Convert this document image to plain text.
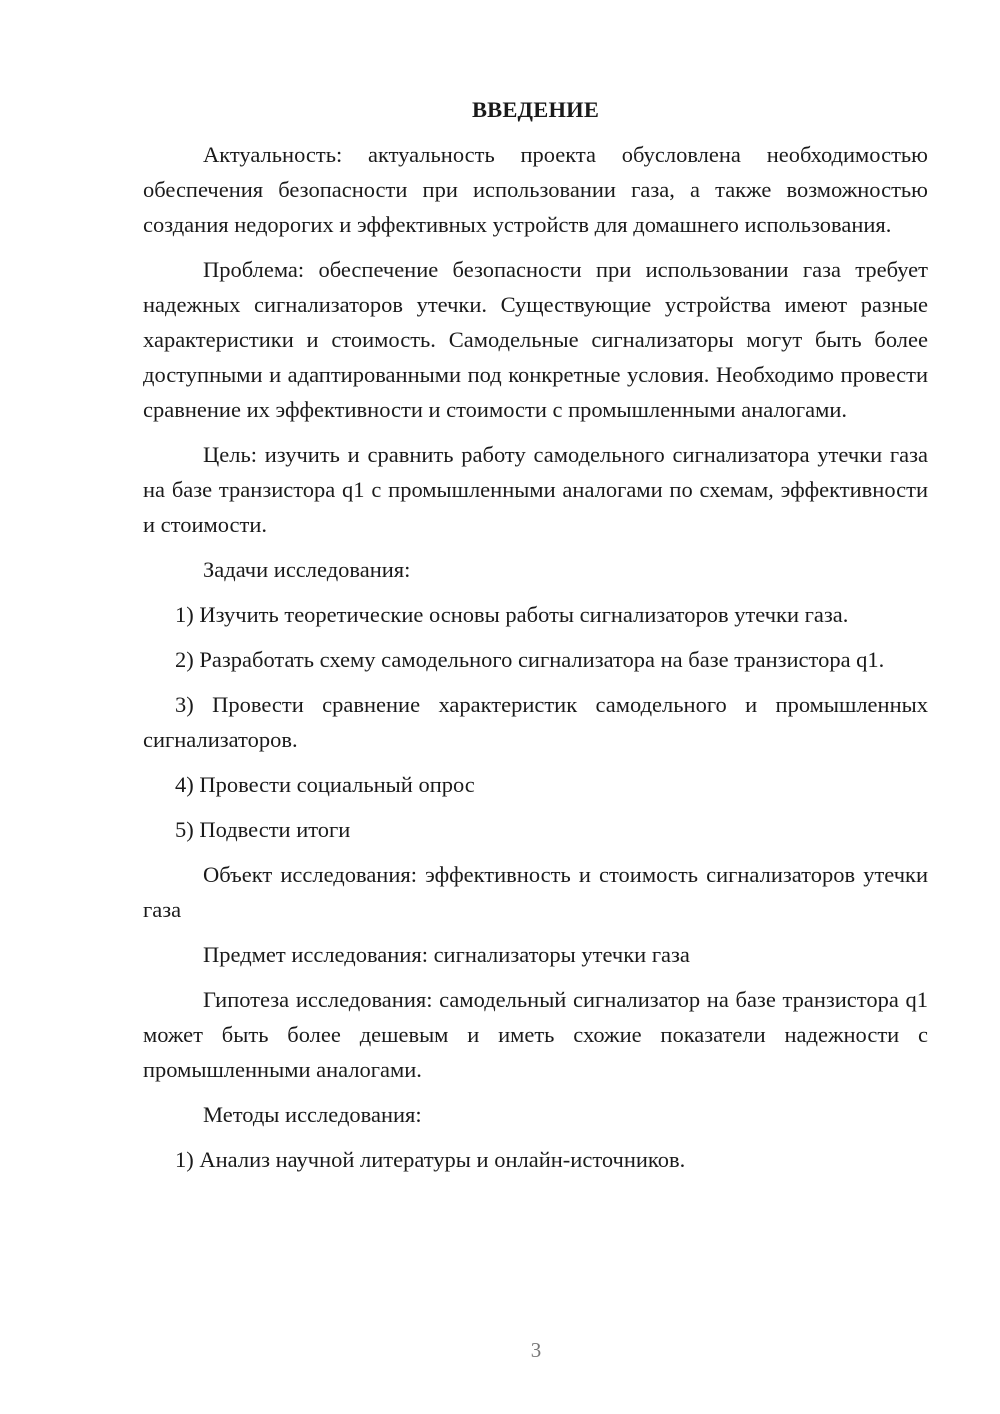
ВВЕДЕНИЕ

Актуальность: актуальность проекта обусловлена необходимостью обеспечения безопасности при использовании газа, а также возможностью создания недорогих и эффективных устройств для домашнего использования.

Проблема: обеспечение безопасности при использовании газа требует надежных сигнализаторов утечки. Существующие устройства имеют разные характеристики и стоимость. Самодельные сигнализаторы могут быть более доступными и адаптированными под конкретные условия. Необходимо провести сравнение их эффективности и стоимости с промышленными аналогами.

Цель: изучить и сравнить работу самодельного сигнализатора утечки газа на базе транзистора q1 с промышленными аналогами по схемам, эффективности и стоимости.

Задачи исследования:

1) Изучить теоретические основы работы сигнализаторов утечки газа.

2) Разработать схему самодельного сигнализатора на базе транзистора q1.

3) Провести сравнение характеристик самодельного и промышленных сигнализаторов.

4) Провести социальный опрос

5) Подвести итоги

Объект исследования: эффективность и стоимость сигнализаторов утечки газа

Предмет исследования: сигнализаторы утечки газа

Гипотеза исследования: самодельный сигнализатор на базе транзистора q1 может быть более дешевым и иметь схожие показатели надежности с промышленными аналогами.

Методы исследования:

1) Анализ научной литературы и онлайн-источников.

3
